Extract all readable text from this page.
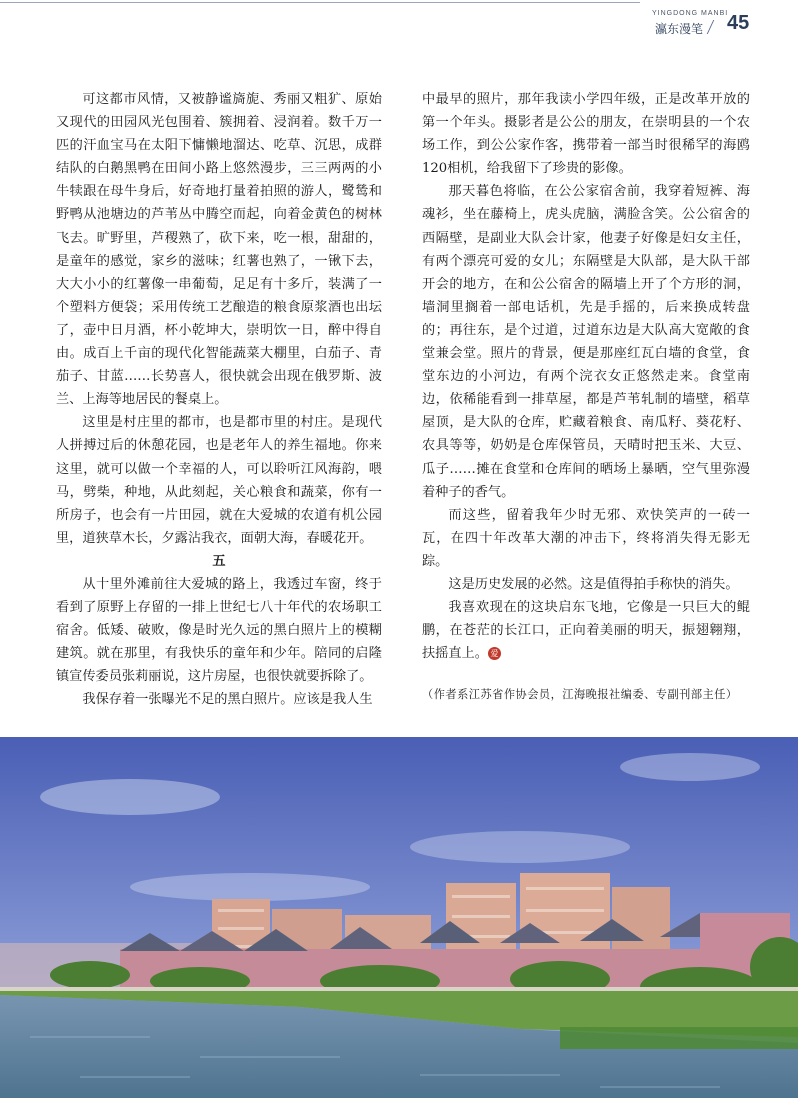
YINGDONG MANBI
瀛东漫笔 45

可这都市风情，又被静谧旖旎、秀丽又粗犷、原始又现代的田园风光包围着、簇拥着、浸润着。数千万一匹的汗血宝马在太阳下慵懒地溜达、吃草、沉思，成群结队的白鹅黑鸭在田间小路上悠然漫步，三三两两的小牛犊跟在母牛身后，好奇地打量着拍照的游人，鹭鸶和野鸭从池塘边的芦苇丛中腾空而起，向着金黄色的树林飞去。旷野里，芦稷熟了，砍下来，吃一根，甜甜的，是童年的感觉，家乡的滋味；红薯也熟了，一锹下去，大大小小的红薯像一串葡萄，足足有十多斤，装满了一个塑料方便袋；采用传统工艺酿造的粮食原浆酒也出坛了，壶中日月酒，杯小乾坤大，崇明饮一日，醉中得自由。成百上千亩的现代化智能蔬菜大棚里，白茄子、青茄子、甘蓝……长势喜人，很快就会出现在俄罗斯、波兰、上海等地居民的餐桌上。

这里是村庄里的都市，也是都市里的村庄。是现代人拼搏过后的休憩花园，也是老年人的养生福地。你来这里，就可以做一个幸福的人，可以聆听江风海韵，喂马，劈柴，种地，从此刻起，关心粮食和蔬菜，你有一所房子，也会有一片田园，就在大爱城的农道有机公园里，道狭草木长，夕露沾我衣，面朝大海，春暖花开。

五

从十里外滩前往大爱城的路上，我透过车窗，终于看到了原野上存留的一排上世纪七八十年代的农场职工宿舍。低矮、破败，像是时光久远的黑白照片上的模糊建筑。就在那里，有我快乐的童年和少年。陪同的启隆镇宣传委员张莉丽说，这片房屋，也很快就要拆除了。

我保存着一张曝光不足的黑白照片。应该是我人生

中最早的照片，那年我读小学四年级，正是改革开放的第一个年头。摄影者是公公的朋友，在崇明县的一个农场工作，到公公家作客，携带着一部当时很稀罕的海鸥120相机，给我留下了珍贵的影像。

那天暮色将临，在公公家宿舍前，我穿着短裤、海魂衫，坐在藤椅上，虎头虎脑，满脸含笑。公公宿舍的西隔壁，是副业大队会计家，他妻子好像是妇女主任，有两个漂亮可爱的女儿；东隔壁是大队部，是大队干部开会的地方，在和公公宿舍的隔墙上开了个方形的洞，墙洞里搁着一部电话机，先是手摇的，后来换成转盘的；再往东，是个过道，过道东边是大队高大宽敞的食堂兼会堂。照片的背景，便是那座红瓦白墙的食堂，食堂东边的小河边，有两个浣衣女正悠然走来。食堂南边，依稀能看到一排草屋，都是芦苇轧制的墙壁，稻草屋顶，是大队的仓库，贮藏着粮食、南瓜籽、葵花籽、农具等等，奶奶是仓库保管员，天晴时把玉米、大豆、瓜子……摊在食堂和仓库间的晒场上暴晒，空气里弥漫着种子的香气。

而这些，留着我年少时无邪、欢快笑声的一砖一瓦，在四十年改革大潮的冲击下，终将消失得无影无踪。

这是历史发展的必然。这是值得拍手称快的消失。

我喜欢现在的这块启东飞地，它像是一只巨大的鲲鹏，在苍茫的长江口，正向着美丽的明天，振翅翱翔，扶摇直上。 爱

（作者系江苏省作协会员，江海晚报社编委、专副刊部主任）
